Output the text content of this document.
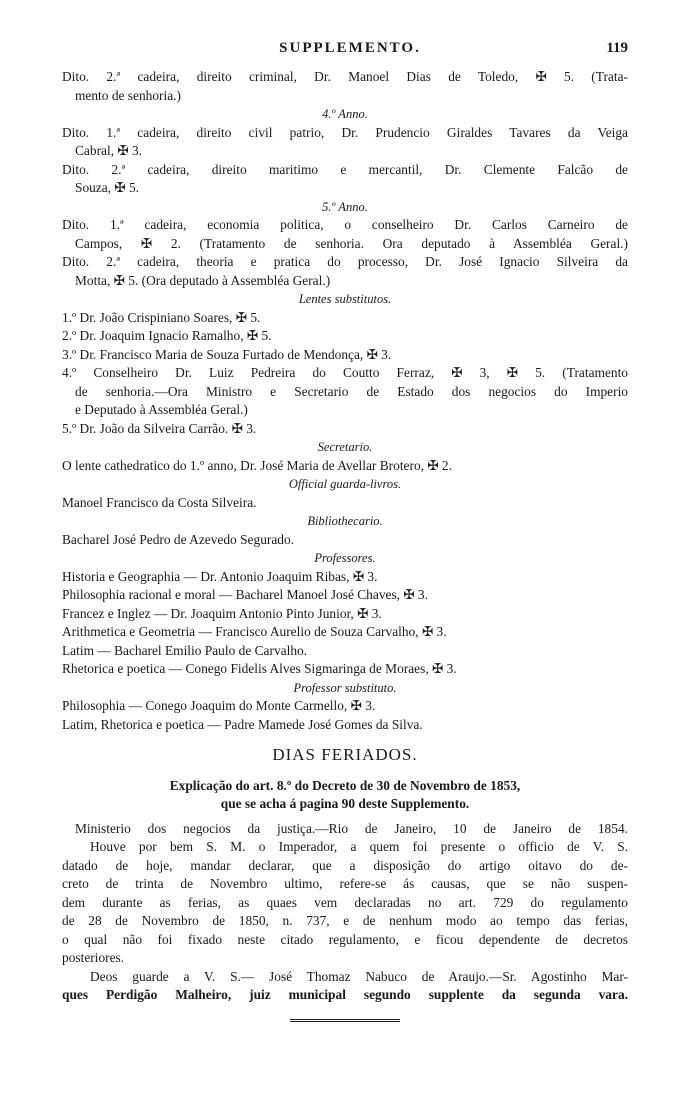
SUPPLEMENTO.	119
Dito. 2.ª cadeira, direito criminal, Dr. Manoel Dias de Toledo, ✠ 5. (Trata-
mento de senhoria.)
4.º Anno.
Dito. 1.ª cadeira, direito civil patrio, Dr. Prudencio Giraldes Tavares da Veiga
Cabral, ✠ 3.
Dito. 2.ª cadeira, direito maritimo e mercantil, Dr. Clemente Falcão de
Souza, ✠ 5.
5.º Anno.
Dito. 1.ª cadeira, economia politica, o conselheiro Dr. Carlos Carneiro de
Campos, ✠ 2. (Tratamento de senhoria. Ora deputado à Assembléa Geral.)
Dito. 2.ª cadeira, theoria e pratica do processo, Dr. José Ignacio Silveira da
Motta, ✠ 5. (Ora deputado à Assembléa Geral.)
Lentes substitutos.
1.º Dr. João Crispiniano Soares, ✠ 5.
2.º Dr. Joaquim Ignacio Ramalho, ✠ 5.
3.º Dr. Francisco Maria de Souza Furtado de Mendonça, ✠ 3.
4.º Conselheiro Dr. Luiz Pedreira do Coutto Ferraz, ✠ 3, ✠ 5. (Tratamento
de senhoria.—Ora Ministro e Secretario de Estado dos negocios do Imperio
e Deputado à Assembléa Geral.)
5.º Dr. João da Silveira Carrão. ✠ 3.
Secretario.
O lente cathedratico do 1.º anno, Dr. José Maria de Avellar Brotero, ✠ 2.
Official guarda-livros.
Manoel Francisco da Costa Silveira.
Bibliothecario.
Bacharel José Pedro de Azevedo Segurado.
Professores.
Historia e Geographia — Dr. Antonio Joaquim Ribas, ✠ 3.
Philosophia racional e moral — Bacharel Manoel José Chaves, ✠ 3.
Francez e Inglez — Dr. Joaquim Antonio Pinto Junior, ✠ 3.
Arithmetica e Geometria — Francisco Aurelio de Souza Carvalho, ✠ 3.
Latim — Bacharel Emilio Paulo de Carvalho.
Rhetorica e poetica — Conego Fidelis Alves Sigmaringa de Moraes, ✠ 3.
Professor substituto.
Philosophia — Conego Joaquim do Monte Carmello, ✠ 3.
Latim, Rhetorica e poetica — Padre Mamede José Gomes da Silva.
DIAS FERIADOS.
Explicação do art. 8.º do Decreto de 30 de Novembro de 1853,
que se acha á pagina 90 deste Supplemento.
Ministerio dos negocios da justiça.—Rio de Janeiro, 10 de Janeiro de 1854.
Houve por bem S. M. o Imperador, a quem foi presente o officio de V. S.
datado de hoje, mandar declarar, que a disposição do artigo oitavo do de-
creto de trinta de Novembro ultimo, refere-se ás causas, que se não suspen-
dem durante as ferias, as quaes vem declaradas no art. 729 do regulamento
de 28 de Novembro de 1850, n. 737, e de nenhum modo ao tempo das ferias,
o qual não foi fixado neste citado regulamento, e ficou dependente de decretos
posteriores.
Deos guarde a V. S.— José Thomaz Nabuco de Araujo.—Sr. Agostinho Mar-
ques Perdigão Malheiro, juiz municipal segundo supplente da segunda vara.
